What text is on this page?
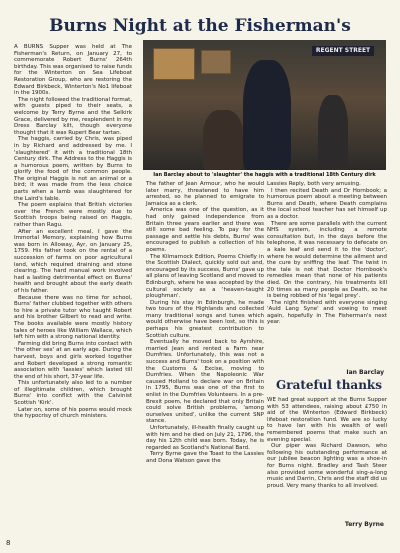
Burns Night at the Fisherman's

A BURNS Supper was held at The Fisherman's Return, on January 27, to commemorate Robert Burns' 264th birthday. This was organised to raise funds for the Winterton on Sea Lifeboat Restoration Group, who are restoring the Edward Birkbeck, Winterton's No1 lifeboat in the 1900s.

The night followed the traditional format, with guests piped to their seats, a welcome by Terry Byrne and the Selkirk Grace, delivered by me, resplendent in my Dress Barclay kilt, though everyone thought that it was Rupert Bear tartan.

The haggis, carried by Chris, was piped in by Richard and addressed by me. I 'slaughtered' it with a traditional 18th Century dirk. The Address to the Haggis is a humorous poem, written by Burns to glorify the food of the common people. The original Haggis is not an animal or a bird; it was made from the less choice parts when a lamb was slaughtered for the Laird's table.

The poem explains that British victories over the French were mostly due to Scottish troops being raised on Haggis, rather than Ragu.

After an excellent meal, I gave the Immortal Memory, explaining how Burns was born in Alloway, Ayr, on January 25, 1759. His father took on the rental of a succession of farms on poor agricultural land, which required draining and stone clearing. The hard manual work involved had a lasting detrimental effect on Burns' health and brought about the early death of his father.

Because there was no time for school, Burns' father clubbed together with others to hire a private tutor who taught Robert and his brother Gilbert to read and write. The books available were mostly history tales of heroes like William Wallace, which left him with a strong national identity.

Farming did bring Burns into contact with 'the other sex' at an early age. During the harvest, boys and girls worked together and Robert developed a strong romantic association with 'lassies' which lasted till the end of his short, 37-year life.

This unfortunately also led to a number of illegitimate children, which brought Burns' into conflict with the Calvinist Scottish 'Kirk'.

Later on, some of his poems would mock the hypocrisy of church ministers.

REGENT STREET
Ian Barclay about to 'slaughter' the haggis with a traditional 18th Century dirk

The father of Jean Armour, who he would later marry, threatened to have him arrested, so he planned to emigrate to Jamaica as a clerk.

America was one of the question, as it had only gained independence from Britain three years earlier and there was still some bad feeling. To pay for the passage and settle his debts, Burns' was encouraged to publish a collection of his poems.

The Kilmarnock Edition, Poems Chiefly in the Scottish Dialect, quickly sold out and, encouraged by its success, Burns' gave up all plans of leaving Scotland and moved to Edinburgh, where he was accepted by the cultural society as a 'heaven-taught ploughman'.

During his stay in Edinburgh, he made two tours of the Highlands and collected many traditional songs and tunes which would otherwise have been lost, so this is perhaps his greatest contribution to Scottish culture.

Eventually he moved back to Ayrshire, married Jean and rented a Farm near Dumfries. Unfortunately, this was not a success and Burns' took on a position with the Customs & Excise, moving to Dumfries. When the Napoleonic War caused Holland to declare war on Britain in 1795, Burns was one of the first to enlist in the Dumfries Volunteers. In a pre-Brexit poem, he declared that only Britain could solve British problems, 'among ourselves united', unlike the current SNP stance.

Unfortunately, ill-health finally caught up with him and he died on July 21, 1796, the day his 12th child was born. Today, he is regarded as Scotland's National Bard.

Terry Byrne gave the Toast to the Lassies and Dona Watson gave the

Lassies Reply, both very amusing.

I then recited Death and Dr Hornbook; a humorous poem about a meeting between Burns and Death, where Death complains the local school teacher has set himself up as a doctor.

There are some parallels with the current NHS system, including a remote consultation but, in the days before the telephone, it was necessary to defecate on a kale leaf and send it to the 'doctor', where he would determine the ailment and the cure by sniffing the leaf. The twist in the tale is not that Doctor Hornbook's remedies mean that none of his patients died. On the contrary, his treatments kill 20 times as many people as Death, so he is being robbed of his 'legal prey'.

The night finished with everyone singing 'Auld Lang Syne' and vowing to meet again, hopefully in The Fisherman's next year.

Ian Barclay
Grateful thanks

WE had great support at the Burns Supper with 53 attendees, raising about £750 in aid of the Winterton (Edward Birkbeck) lifeboat restoration fund. We are so lucky to have Ian with his wealth of well remembered poems that make such an evening special.

Our piper was Richard Dawson, who following his outstanding performance at our jubilee beacon lighting was a shoe-in for Burns night. Bradley and Tash Steer also provided some wonderful sing-a-long music and Darrin, Chris and the staff did us proud. Very many thanks to all involved.

Terry Byrne
8
